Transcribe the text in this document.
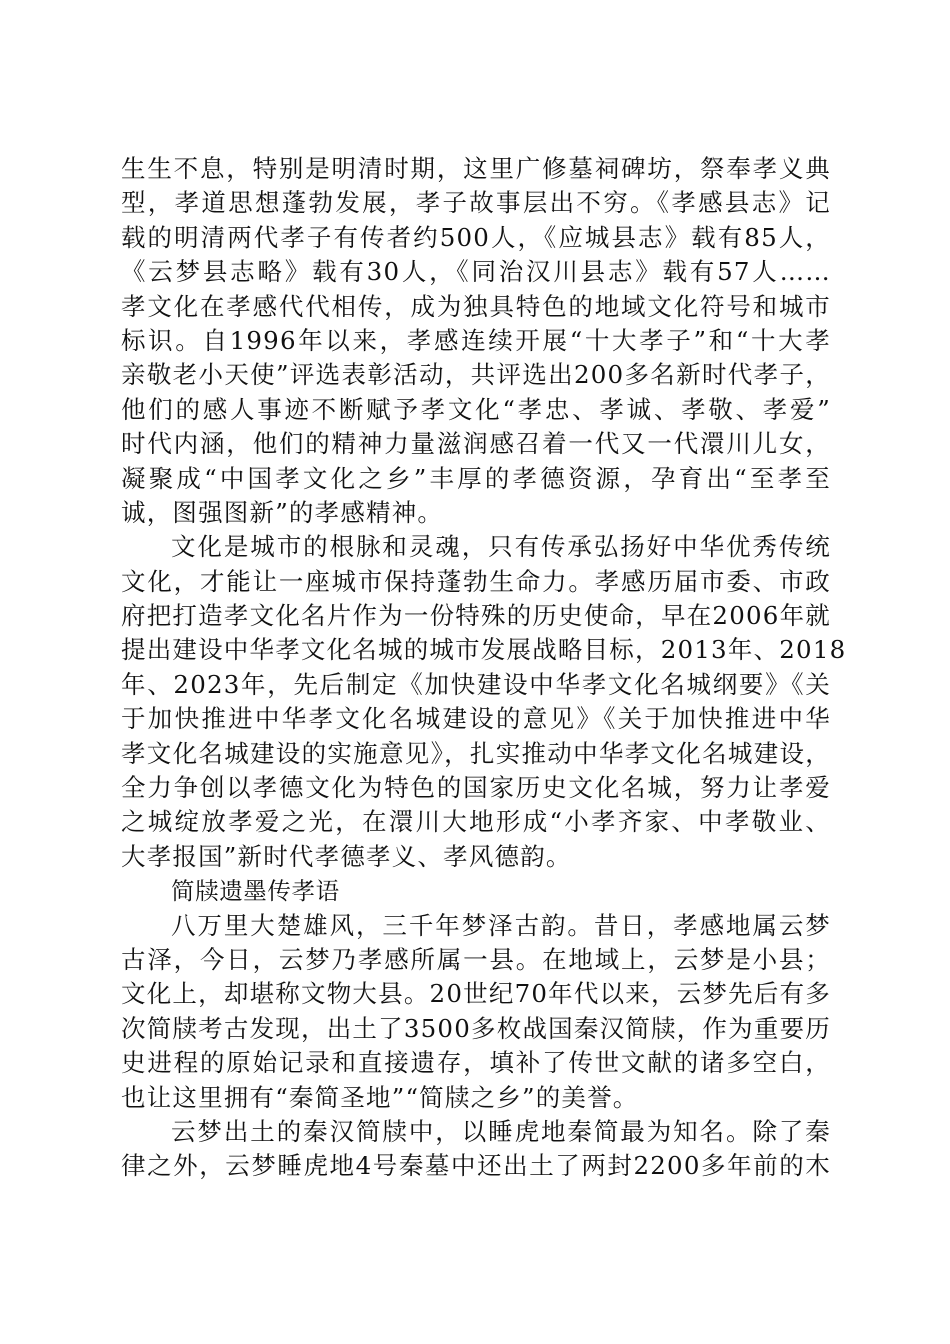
生生不息，特别是明清时期，这里广修墓祠碑坊，祭奉孝义典
型，孝道思想蓬勃发展，孝子故事层出不穷。《孝感县志》记
载的明清两代孝子有传者约500人，《应城县志》载有85人，
《云梦县志略》载有30人，《同治汉川县志》载有57人……
孝文化在孝感代代相传，成为独具特色的地域文化符号和城市
标识。自1996年以来，孝感连续开展“十大孝子”和“十大孝
亲敬老小天使”评选表彰活动，共评选出200多名新时代孝子，
他们的感人事迹不断赋予孝文化“孝忠、孝诚、孝敬、孝爱”
时代内涵，他们的精神力量滋润感召着一代又一代澴川儿女，
凝聚成“中国孝文化之乡”丰厚的孝德资源，孕育出“至孝至
诚，图强图新”的孝感精神。
文化是城市的根脉和灵魂，只有传承弘扬好中华优秀传统
文化，才能让一座城市保持蓬勃生命力。孝感历届市委、市政
府把打造孝文化名片作为一份特殊的历史使命，早在2006年就
提出建设中华孝文化名城的城市发展战略目标，2013年、2018
年、2023年，先后制定《加快建设中华孝文化名城纲要》《关
于加快推进中华孝文化名城建设的意见》《关于加快推进中华
孝文化名城建设的实施意见》，扎实推动中华孝文化名城建设，
全力争创以孝德文化为特色的国家历史文化名城，努力让孝爱
之城绽放孝爱之光，在澴川大地形成“小孝齐家、中孝敬业、
大孝报国”新时代孝德孝义、孝风德韵。
简牍遗墨传孝语
八万里大楚雄风，三千年梦泽古韵。昔日，孝感地属云梦
古泽，今日，云梦乃孝感所属一县。在地域上，云梦是小县；
文化上，却堪称文物大县。20世纪70年代以来，云梦先后有多
次简牍考古发现，出土了3500多枚战国秦汉简牍，作为重要历
史进程的原始记录和直接遗存，填补了传世文献的诸多空白，
也让这里拥有“秦简圣地”“简牍之乡”的美誉。
云梦出土的秦汉简牍中，以睡虎地秦简最为知名。除了秦
律之外，云梦睡虎地4号秦墓中还出土了两封2200多年前的木
